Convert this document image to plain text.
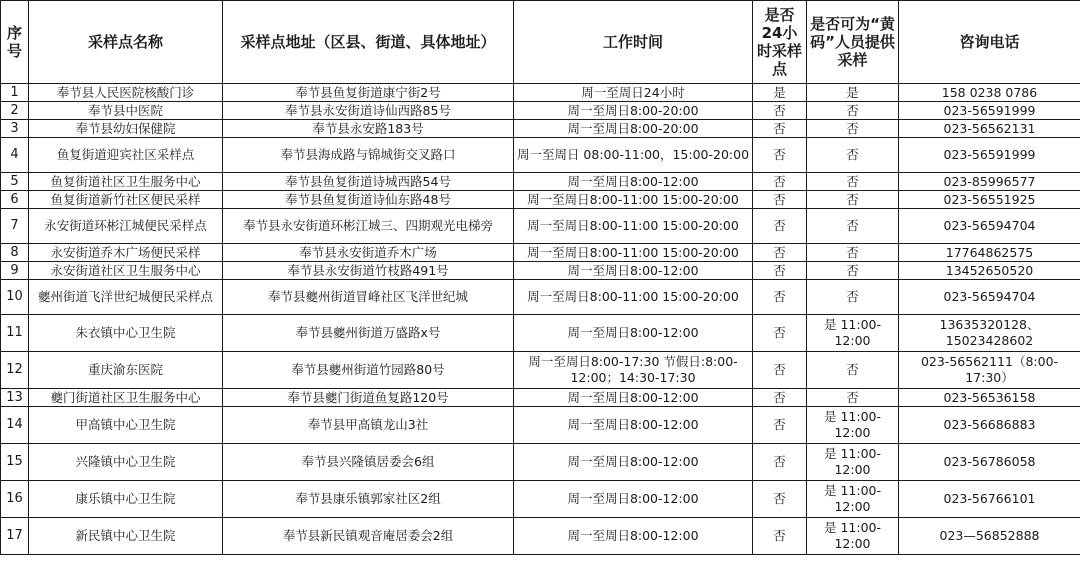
序号	采样点名称	采样点地址（区县、街道、具体地址）	工作时间	是否24小时采样点	是否可为“黄码”人员提供采样	咨询电话
1	奉节县人民医院核酸门诊	奉节县鱼复街道康宁街2号	周一至周日24小时	是	是	158 0238 0786
2	奉节县中医院	奉节县永安街道诗仙西路85号	周一至周日8:00-20:00	否	否	023-56591999
3	奉节县幼妇保健院	奉节县永安路183号	周一至周日8:00-20:00	否	否	023-56562131
4	鱼复街道迎宾社区采样点	奉节县海成路与锦城街交叉路口	周一至周日 08:00-11:00，15:00-20:00	否	否	023-56591999
5	鱼复街道社区卫生服务中心	奉节县鱼复街道诗城西路54号	周一至周日8:00-12:00	否	否	023-85996577
6	鱼复街道新竹社区便民采样	奉节县鱼复街道诗仙东路48号	周一至周日8:00-11:00 15:00-20:00	否	否	023-56551925
7	永安街道环彬江城便民采样点	奉节县永安街道环彬江城三、四期观光电梯旁	周一至周日8:00-11:00 15:00-20:00	否	否	023-56594704
8	永安街道乔木广场便民采样	奉节县永安街道乔木广场	周一至周日8:00-11:00 15:00-20:00	否	否	17764862575
9	永安街道社区卫生服务中心	奉节县永安街道竹枝路491号	周一至周日8:00-12:00	否	否	13452650520
10	夔州街道飞洋世纪城便民采样点	奉节县夔州街道冒峰社区飞洋世纪城	周一至周日8:00-11:00 15:00-20:00	否	否	023-56594704
11	朱衣镇中心卫生院	奉节县夔州街道万盛路x号	周一至周日8:00-12:00	否	是 11:00-12:00	13635320128、15023428602
12	重庆渝东医院	奉节县夔州街道竹园路80号	周一至周日8:00-17:30 节假日:8:00-12:00；14:30-17:30	否	否	023-56562111（8:00-17:30）
13	夔门街道社区卫生服务中心	奉节县夔门街道鱼复路120号	周一至周日8:00-12:00	否	否	023-56536158
14	甲高镇中心卫生院	奉节县甲高镇龙山3社	周一至周日8:00-12:00	否	是 11:00-12:00	023-56686883
15	兴隆镇中心卫生院	奉节县兴隆镇居委会6组	周一至周日8:00-12:00	否	是 11:00-12:00	023-56786058
16	康乐镇中心卫生院	奉节县康乐镇郭家社区2组	周一至周日8:00-12:00	否	是 11:00-12:00	023-56766101
17	新民镇中心卫生院	奉节县新民镇观音庵居委会2组	周一至周日8:00-12:00	否	是 11:00-12:00	023—56852888
